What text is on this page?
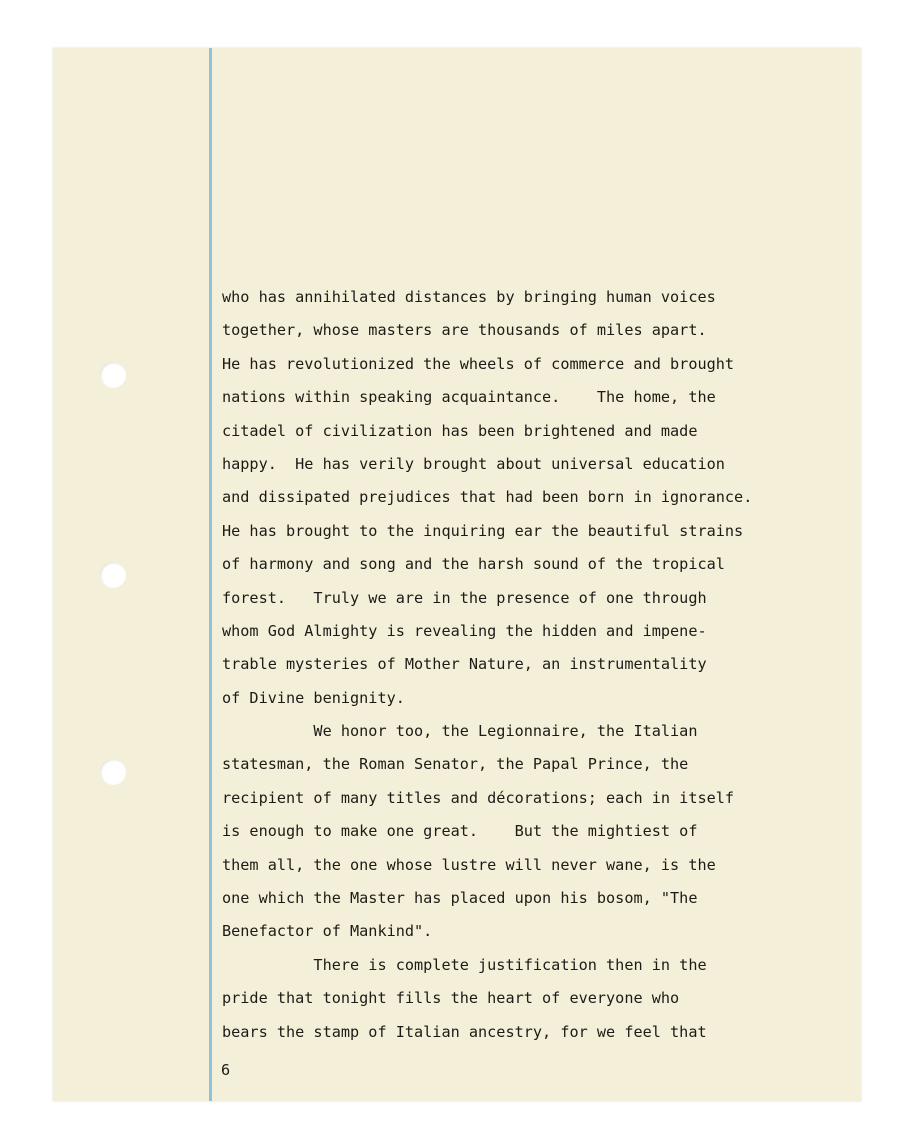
who has annihilated distances by bringing human voices
together, whose masters are thousands of miles apart.
He has revolutionized the wheels of commerce and brought
nations within speaking acquaintance.    The home, the
citadel of civilization has been brightened and made
happy.  He has verily brought about universal education
and dissipated prejudices that had been born in ignorance.
He has brought to the inquiring ear the beautiful strains
of harmony and song and the harsh sound of the tropical
forest.   Truly we are in the presence of one through
whom God Almighty is revealing the hidden and impene-
trable mysteries of Mother Nature, an instrumentality
of Divine benignity.
We honor too, the Legionnaire, the Italian
statesman, the Roman Senator, the Papal Prince, the
recipient of many titles and décorations; each in itself
is enough to make one great.    But the mightiest of
them all, the one whose lustre will never wane, is the
one which the Master has placed upon his bosom, "The
Benefactor of Mankind".
There is complete justification then in the
pride that tonight fills the heart of everyone who
bears the stamp of Italian ancestry, for we feel that
6
